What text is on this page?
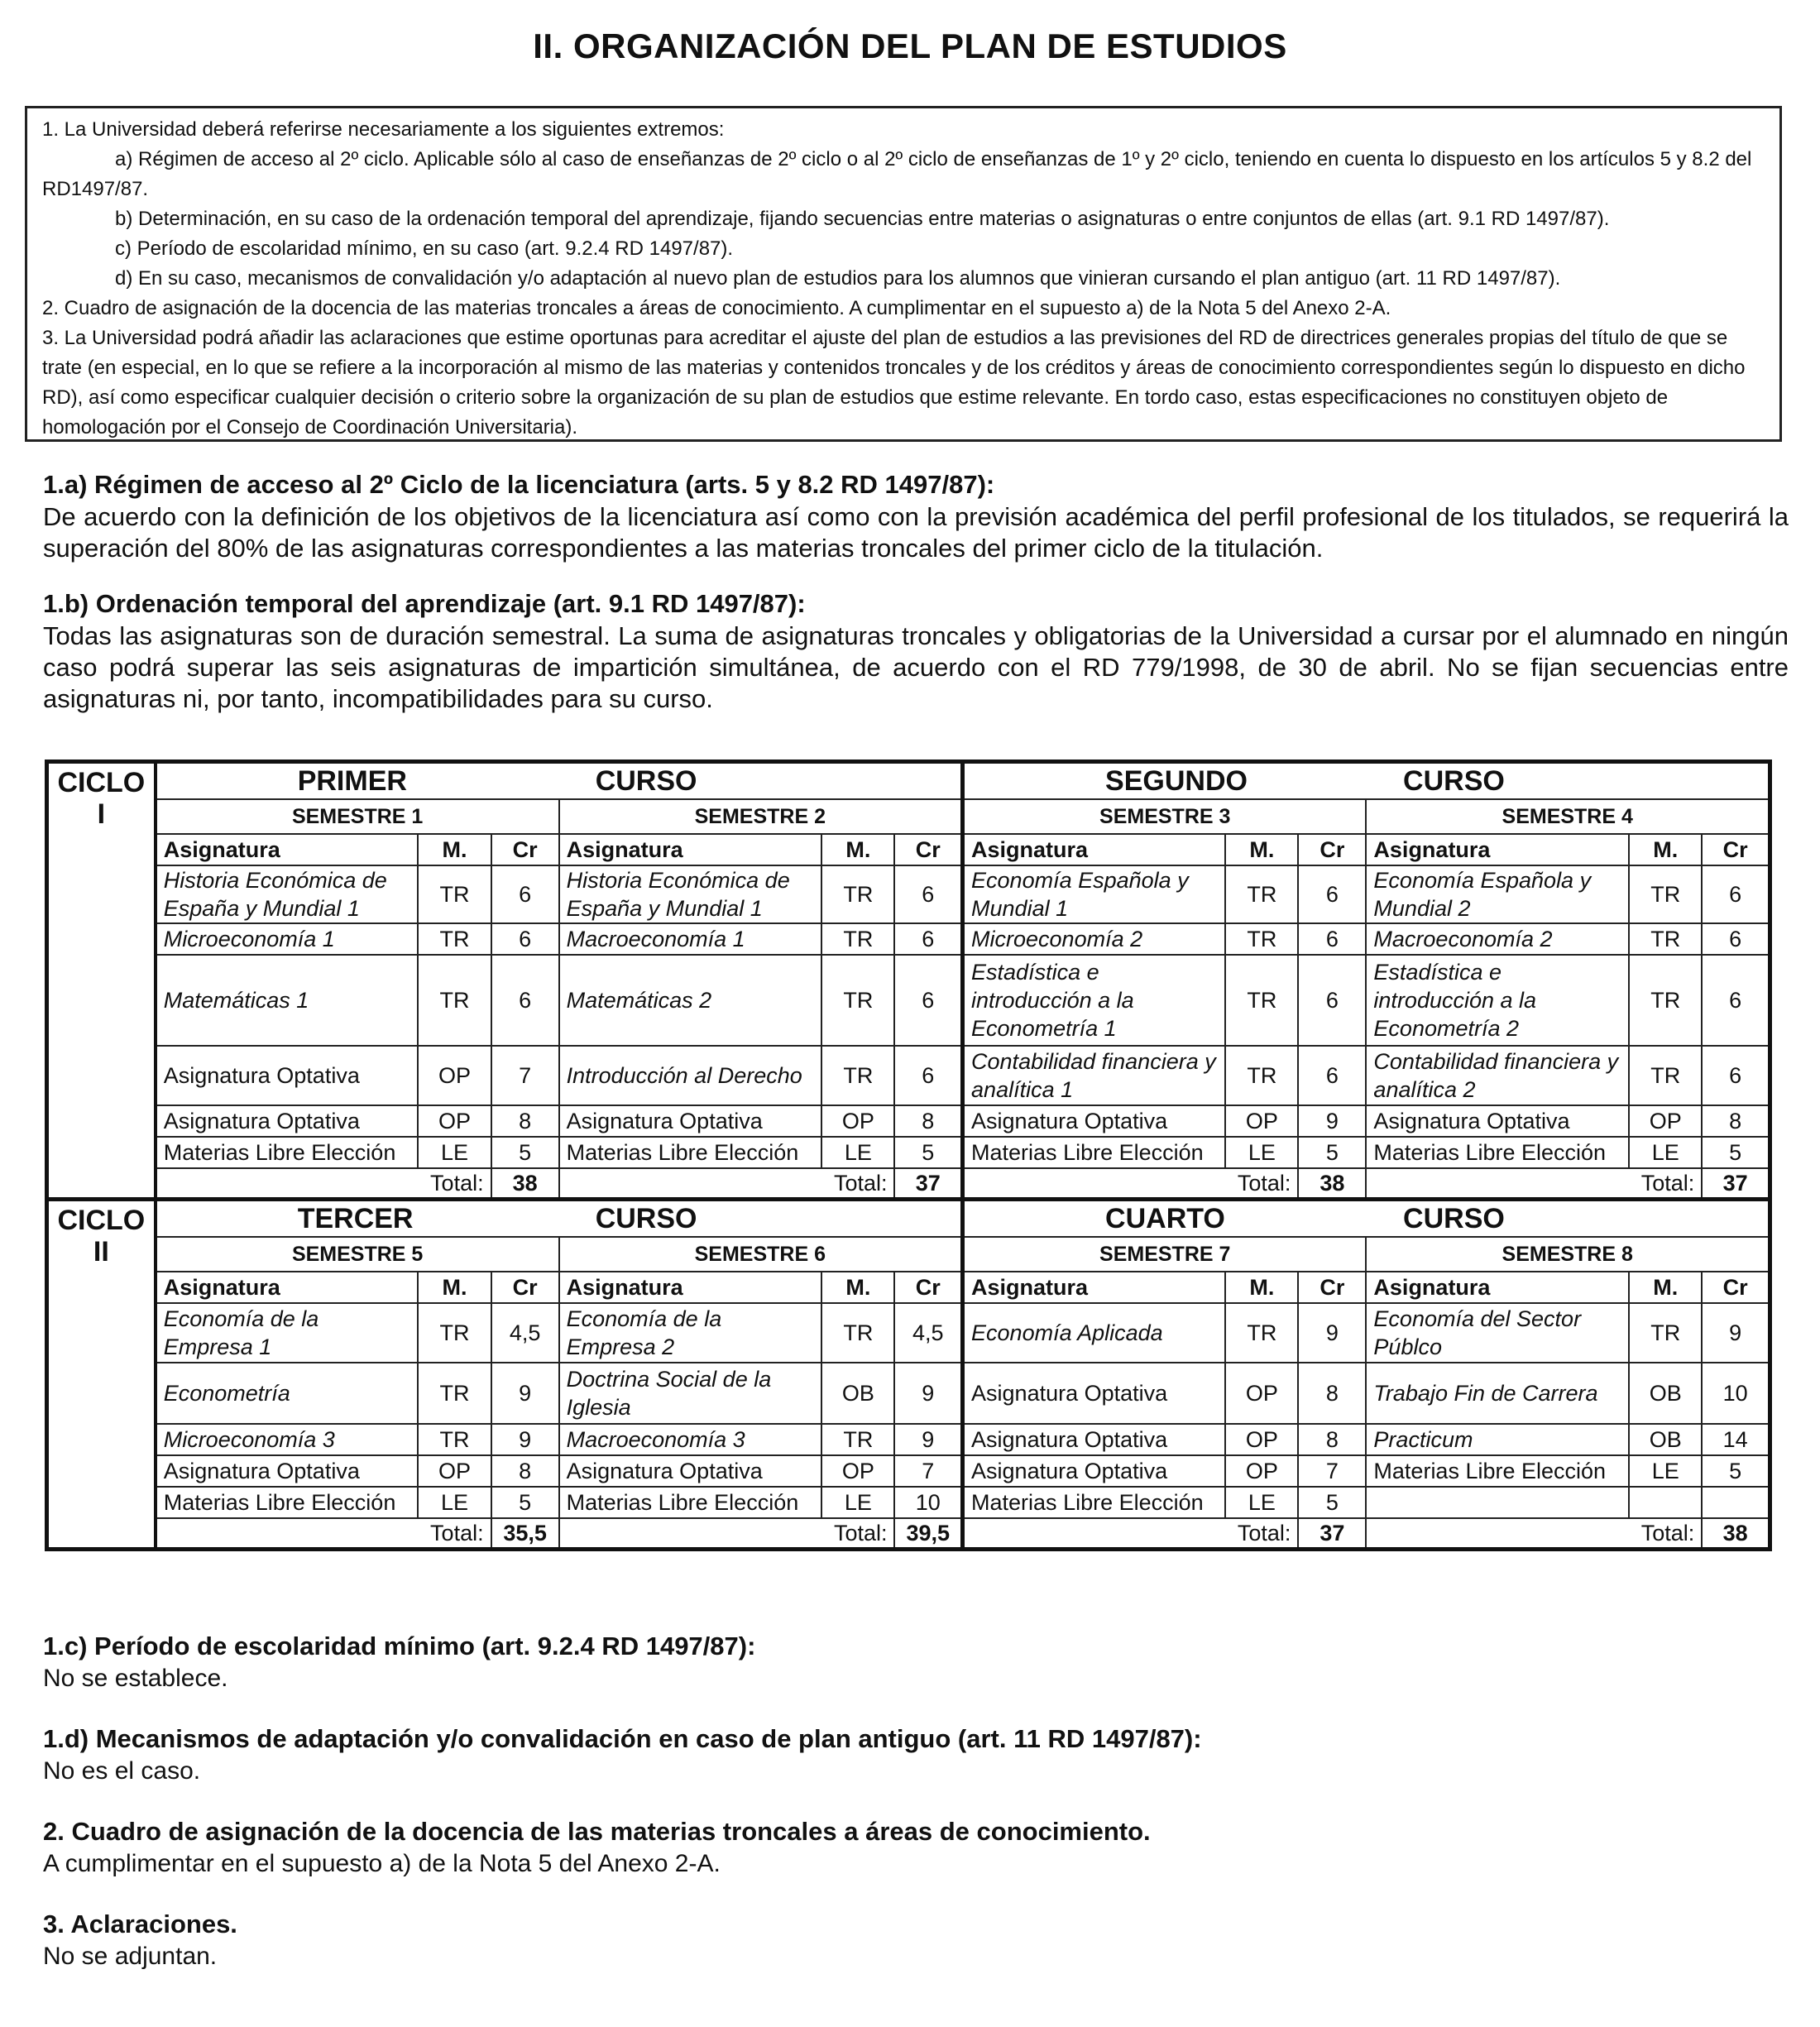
II. ORGANIZACIÓN DEL PLAN DE ESTUDIOS

1. La Universidad deberá referirse necesariamente a los siguientes extremos:

a) Régimen de acceso al 2º ciclo. Aplicable sólo al caso de enseñanzas de 2º ciclo o al 2º ciclo de enseñanzas de 1º y 2º ciclo, teniendo en cuenta lo dispuesto en los artículos 5 y 8.2 del RD1497/87.

b) Determinación, en su caso de la ordenación temporal del aprendizaje, fijando secuencias entre materias o asignaturas o entre conjuntos de ellas (art. 9.1 RD 1497/87).

c) Período de escolaridad mínimo, en su caso (art. 9.2.4 RD 1497/87).

d) En su caso, mecanismos de convalidación y/o adaptación al nuevo plan de estudios para los alumnos que vinieran cursando el plan antiguo (art. 11 RD 1497/87).

2. Cuadro de asignación de la docencia de las materias troncales a áreas de conocimiento. A cumplimentar en el supuesto a) de la Nota 5 del Anexo 2-A.

3. La Universidad podrá añadir las aclaraciones que estime oportunas para acreditar el ajuste del plan de estudios a las previsiones del RD de directrices generales propias del título de que se trate (en especial, en lo que se refiere a la incorporación al mismo de las materias y contenidos troncales y de los créditos y áreas de conocimiento correspondientes según lo dispuesto en dicho RD), así como especificar cualquier decisión o criterio sobre la organización de su plan de estudios que estime relevante. En tordo caso, estas especificaciones no constituyen objeto de homologación por el Consejo de Coordinación Universitaria).

1.a) Régimen de acceso al 2º Ciclo de la licenciatura (arts. 5 y 8.2 RD 1497/87):
De acuerdo con la definición de los objetivos de la licenciatura así como con la previsión académica del perfil profesional de los titulados, se requerirá la superación del 80% de las asignaturas correspondientes a las materias troncales del primer ciclo de la titulación.
1.b) Ordenación temporal del aprendizaje (art. 9.1 RD 1497/87):
Todas las asignaturas son de duración semestral. La suma de asignaturas troncales y obligatorias de la Universidad a cursar por el alumnado en ningún caso podrá superar las seis asignaturas de impartición simultánea, de acuerdo con el RD 779/1998, de 30 de abril. No se fijan secuencias entre asignaturas ni, por tanto, incompatibilidades para su curso.
CICLO
I	PRIMER CURSO						SEGUNDO CURSO					
	SEMESTRE 1			SEMESTRE 2			SEMESTRE 3			SEMESTRE 4		
	Asignatura	M.	Cr	Asignatura	M.	Cr	Asignatura	M.	Cr	Asignatura	M.	Cr
	Historia Económica de España y Mundial 1	TR	6	Historia Económica de España y Mundial 1	TR	6	Economía Española y Mundial 1	TR	6	Economía Española y Mundial 2	TR	6
	Microeconomía 1	TR	6	Macroeconomía 1	TR	6	Microeconomía 2	TR	6	Macroeconomía 2	TR	6
	Matemáticas 1	TR	6	Matemáticas 2	TR	6	Estadística e introducción a la Econometría 1	TR	6	Estadística e introducción a la Econometría 2	TR	6
	Asignatura Optativa	OP	7	Introducción al Derecho	TR	6	Contabilidad financiera y analítica 1	TR	6	Contabilidad financiera y analítica 2	TR	6
	Asignatura Optativa	OP	8	Asignatura Optativa	OP	8	Asignatura Optativa	OP	9	Asignatura Optativa	OP	8
	Materias Libre Elección	LE	5	Materias Libre Elección	LE	5	Materias Libre Elección	LE	5	Materias Libre Elección	LE	5
	Total:		38	Total:		37	Total:		38	Total:		37

CICLO
II	TERCER CURSO						CUARTO CURSO					
	SEMESTRE 5			SEMESTRE 6			SEMESTRE 7			SEMESTRE 8		
	Asignatura	M.	Cr	Asignatura	M.	Cr	Asignatura	M.	Cr	Asignatura	M.	Cr
	Economía de la Empresa 1	TR	4,5	Economía de la Empresa 2	TR	4,5	Economía Aplicada	TR	9	Economía del Sector Públco	TR	9
	Econometría	TR	9	Doctrina Social de la Iglesia	OB	9	Asignatura Optativa	OP	8	Trabajo Fin de Carrera	OB	10
	Microeconomía 3	TR	9	Macroeconomía 3	TR	9	Asignatura Optativa	OP	8	Practicum	OB	14
	Asignatura Optativa	OP	8	Asignatura Optativa	OP	7	Asignatura Optativa	OP	7	Materias Libre Elección	LE	5
	Materias Libre Elección	LE	5	Materias Libre Elección	LE	10	Materias Libre Elección	LE	5			
	Total:		35,5	Total:		39,5	Total:		37	Total:		38
1.c) Período de escolaridad mínimo (art. 9.2.4 RD 1497/87):
No se establece.
1.d) Mecanismos de adaptación y/o convalidación en caso de plan antiguo (art. 11 RD 1497/87):
No es el caso.
2. Cuadro de asignación de la docencia de las materias troncales a áreas de conocimiento.
A cumplimentar en el supuesto a) de la Nota 5 del Anexo 2-A.
3. Aclaraciones.
No se adjuntan.
